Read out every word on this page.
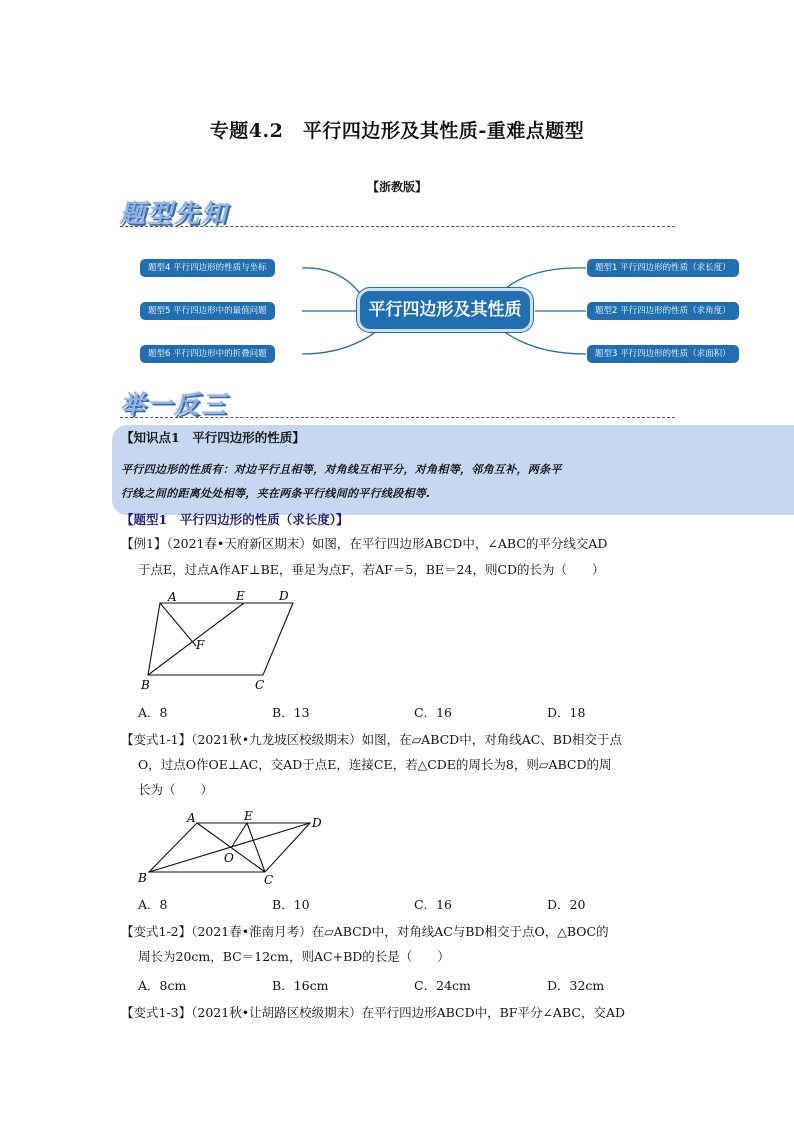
专题4.2　平行四边形及其性质-重难点题型
【浙教版】
题型先知
题型4 平行四边形的性质与坐标
题型5 平行四边形中的最值问题
题型6 平行四边形中的折叠问题
平行四边形及其性质
题型1 平行四边形的性质（求长度）
题型2 平行四边形的性质（求角度）
题型3 平行四边形的性质（求面积）
举一反三
【知识点1　平行四边形的性质】
平行四边形的性质有：对边平行且相等，对角线互相平分，对角相等，邻角互补，两条平
行线之间的距离处处相等，夹在两条平行线间的平行线段相等.
【题型1　平行四边形的性质（求长度）】
【例1】（2021春•天府新区期末）如图，在平行四边形ABCD中，∠ABC的平分线交AD
于点E，过点A作AF⊥BE，垂足为点F，若AF＝5，BE＝24，则CD的长为（　　）
A	E	D
F
B	C
A．8	B．13	C．16	D．18
【变式1-1】（2021秋•九龙坡区校级期末）如图，在▱ABCD中，对角线AC、BD相交于点
O，过点O作OE⊥AC，交AD于点E，连接CE，若△CDE的周长为8，则▱ABCD的周
长为（　　）
A	E	D
O
B	C
A．8	B．10	C．16	D．20
【变式1-2】（2021春•淮南月考）在▱ABCD中，对角线AC与BD相交于点O，△BOC的
周长为20cm，BC＝12cm，则AC+BD的长是（　　）
A．8cm	B．16cm	C．24cm	D．32cm
【变式1-3】（2021秋•让胡路区校级期末）在平行四边形ABCD中，BF平分∠ABC，交AD
